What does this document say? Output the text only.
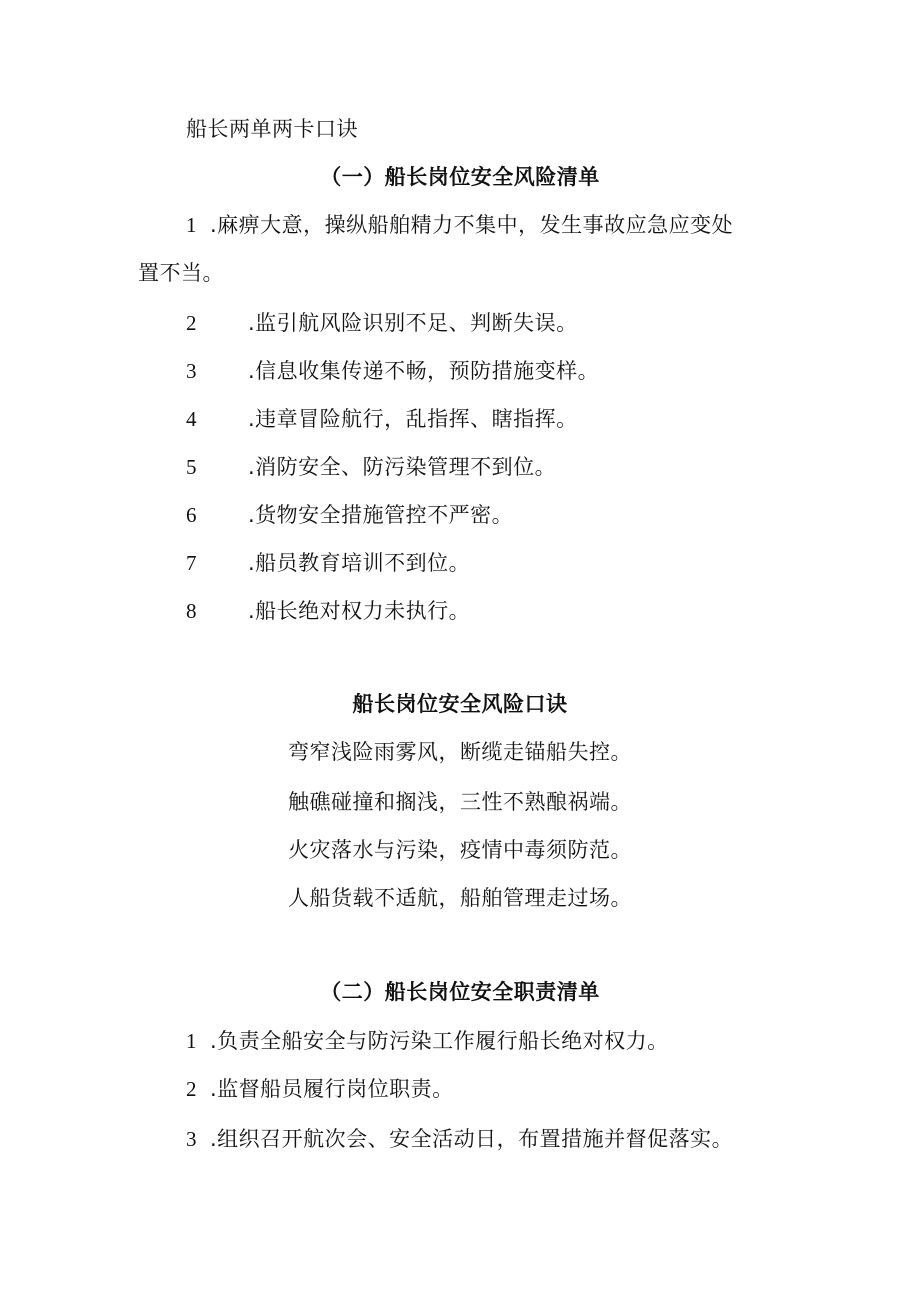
船长两单两卡口诀
（一）船长岗位安全风险清单
1 .麻痹大意，操纵船舶精力不集中，发生事故应急应变处
置不当。
2 .监引航风险识别不足、判断失误。
3 .信息收集传递不畅，预防措施变样。
4 .违章冒险航行，乱指挥、瞎指挥。
5 .消防安全、防污染管理不到位。
6 .货物安全措施管控不严密。
7 .船员教育培训不到位。
8 .船长绝对权力未执行。
船长岗位安全风险口诀
弯窄浅险雨雾风，断缆走锚船失控。
触礁碰撞和搁浅，三性不熟酿祸端。
火灾落水与污染，疫情中毒须防范。
人船货载不适航，船舶管理走过场。
（二）船长岗位安全职责清单
1 .负责全船安全与防污染工作履行船长绝对权力。
2 .监督船员履行岗位职责。
3 .组织召开航次会、安全活动日，布置措施并督促落实。
